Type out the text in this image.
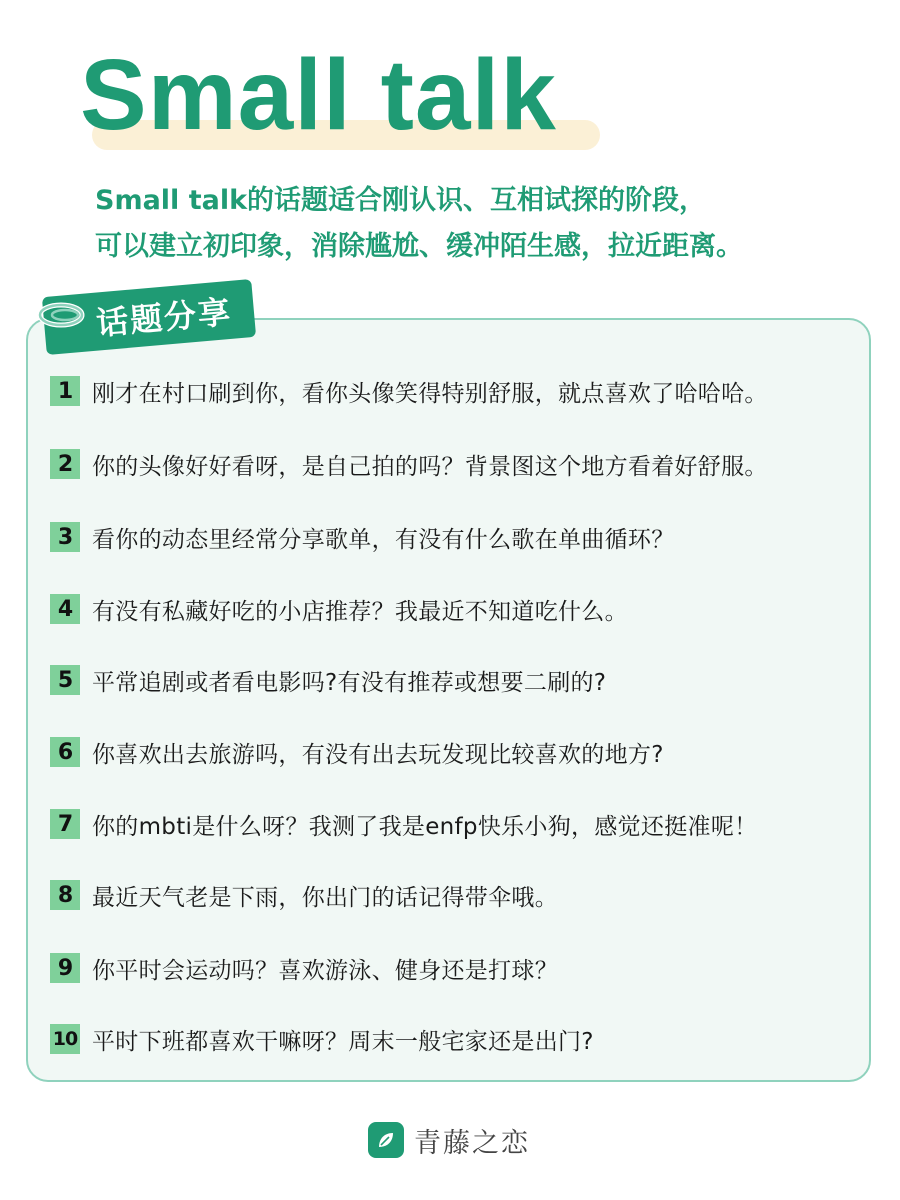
Small talk
Small talk的话题适合刚认识、互相试探的阶段，
可以建立初印象，消除尴尬、缓冲陌生感，拉近距离。
话题分享
1 刚才在村口刷到你，看你头像笑得特别舒服，就点喜欢了哈哈哈。
2 你的头像好好看呀，是自己拍的吗？背景图这个地方看着好舒服。
3 看你的动态里经常分享歌单，有没有什么歌在单曲循环？
4 有没有私藏好吃的小店推荐？我最近不知道吃什么。
5 平常追剧或者看电影吗?有没有推荐或想要二刷的?
6 你喜欢出去旅游吗，有没有出去玩发现比较喜欢的地方?
7 你的mbti是什么呀？我测了我是enfp快乐小狗，感觉还挺准呢！
8 最近天气老是下雨，你出门的话记得带伞哦。
9 你平时会运动吗？喜欢游泳、健身还是打球？
10 平时下班都喜欢干嘛呀？周末一般宅家还是出门?
青藤之恋
